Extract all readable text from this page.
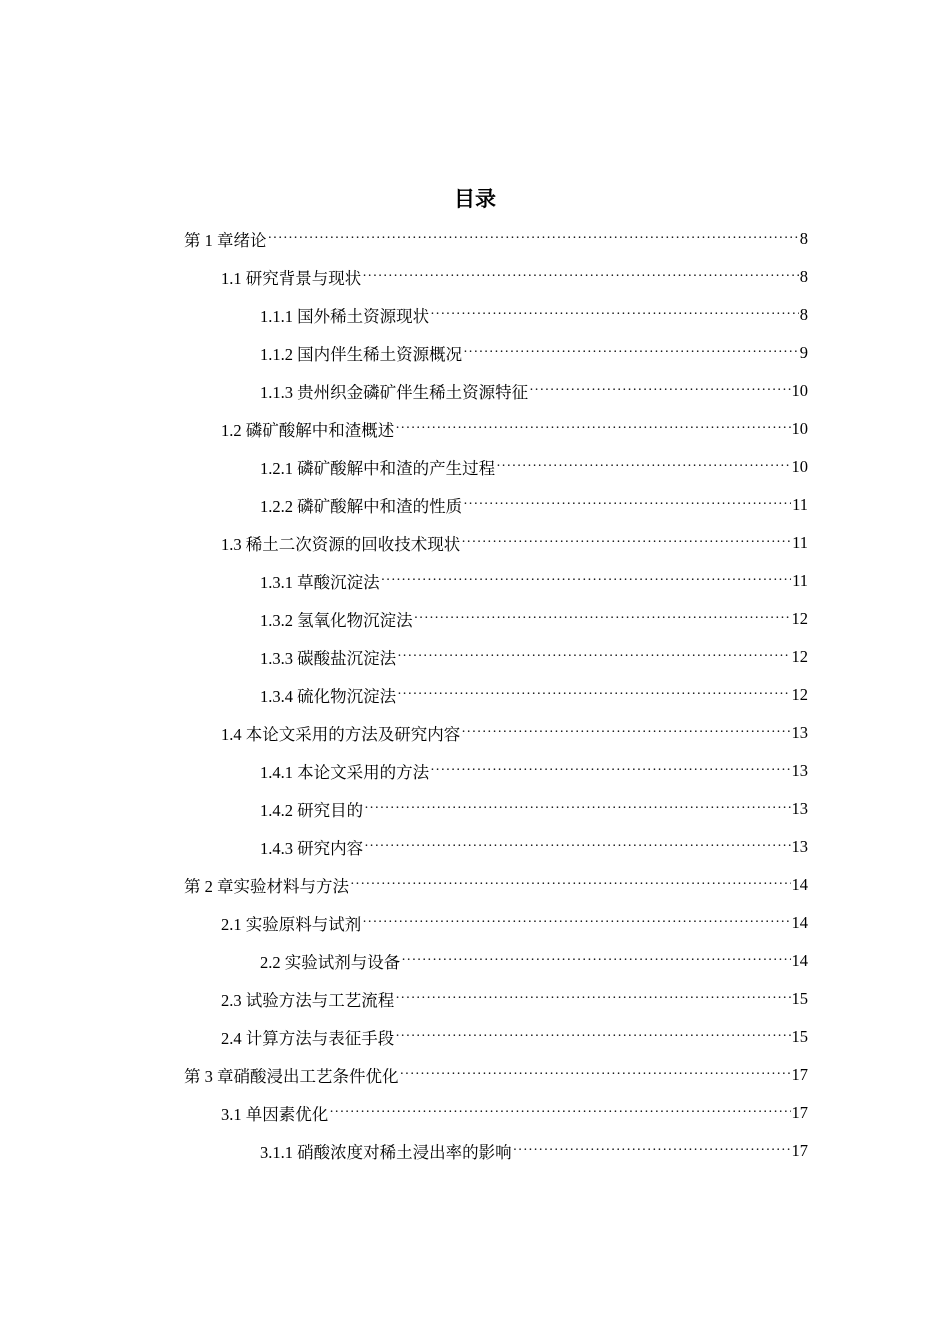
目录
第 1 章绪论 ·····	8
1.1 研究背景与现状 ·····	8
1.1.1 国外稀土资源现状 ·····	8
1.1.2 国内伴生稀土资源概况 ·····	9
1.1.3 贵州织金磷矿伴生稀土资源特征 ·····	10
1.2 磷矿酸解中和渣概述 ·····	10
1.2.1 磷矿酸解中和渣的产生过程 ·····	10
1.2.2 磷矿酸解中和渣的性质 ·····	11
1.3 稀土二次资源的回收技术现状 ·····	11
1.3.1 草酸沉淀法 ·····	11
1.3.2 氢氧化物沉淀法 ·····	12
1.3.3 碳酸盐沉淀法 ·····	12
1.3.4 硫化物沉淀法 ·····	12
1.4 本论文采用的方法及研究内容 ·····	13
1.4.1 本论文采用的方法 ·····	13
1.4.2 研究目的 ·····	13
1.4.3 研究内容 ·····	13
第 2 章实验材料与方法 ·····	14
2.1 实验原料与试剂 ·····	14
2.2 实验试剂与设备 ·····	14
2.3 试验方法与工艺流程 ·····	15
2.4 计算方法与表征手段 ·····	15
第 3 章硝酸浸出工艺条件优化 ·····	17
3.1 单因素优化 ·····	17
3.1.1 硝酸浓度对稀土浸出率的影响 ·····	17
